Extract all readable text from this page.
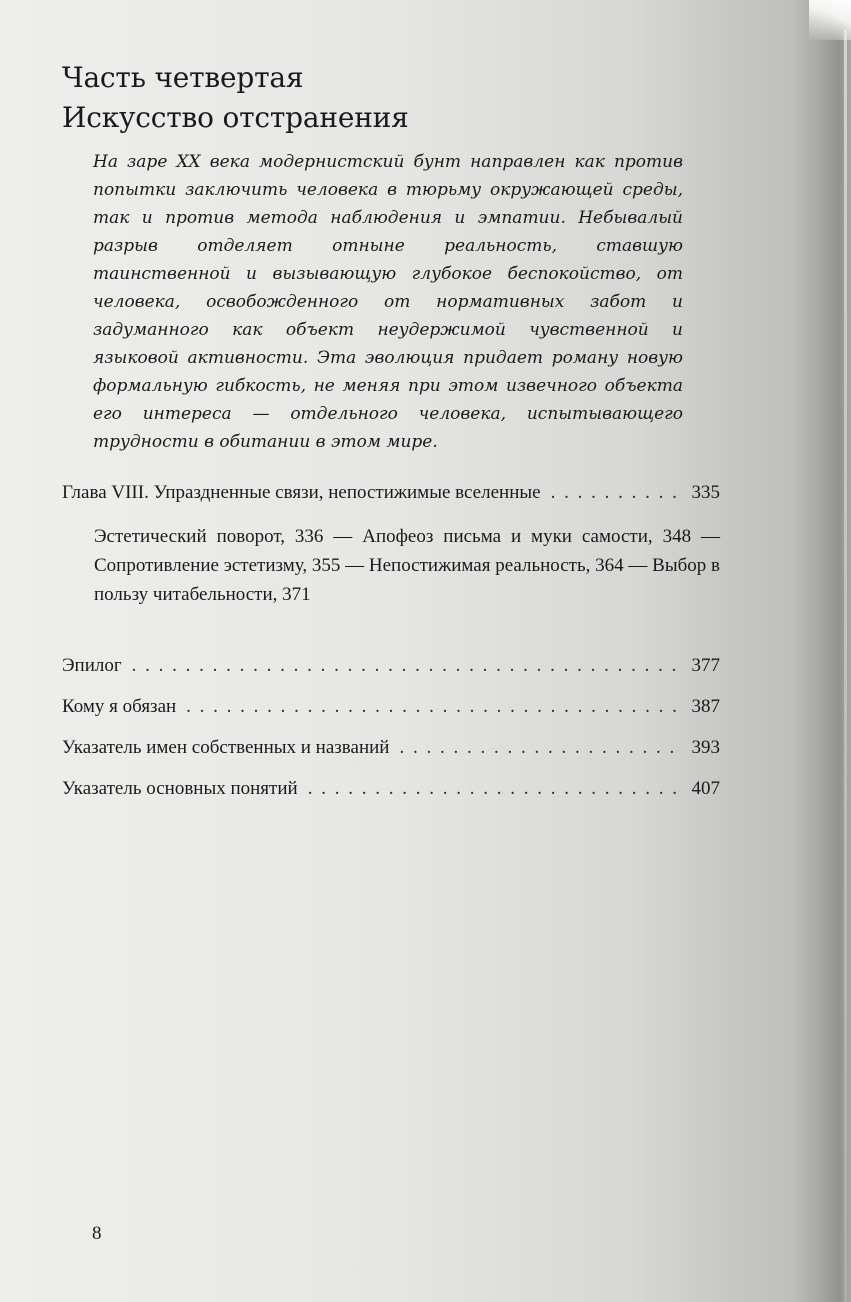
Часть четвертая
Искусство отстранения

На заре XX века модернистский бунт направлен как против попытки заключить человека в тюрьму окружающей среды, так и против метода наблюдения и эмпатии. Небывалый разрыв отделяет отныне реальность, ставшую таинственной и вызывающую глубокое беспокойство, от человека, освобожденного от нормативных забот и задуманного как объект неудержимой чувственной и языковой активности. Эта эволюция придает роману новую формальную гибкость, не меняя при этом извечного объекта его интереса — отдельного человека, испытывающего трудности в обитании в этом мире.

Глава VIII. Упраздненные связи, непостижимые вселенные . . .	335
Эстетический поворот, 336 — Апофеоз письма и муки самости, 348 — Сопротивление эстетизму, 355 — Непостижимая реальность, 364 — Выбор в пользу читабельности, 371
Эпилог . . .	377
Кому я обязан . . .	387
Указатель имен собственных и названий . . .	393
Указатель основных понятий . . .	407
8
